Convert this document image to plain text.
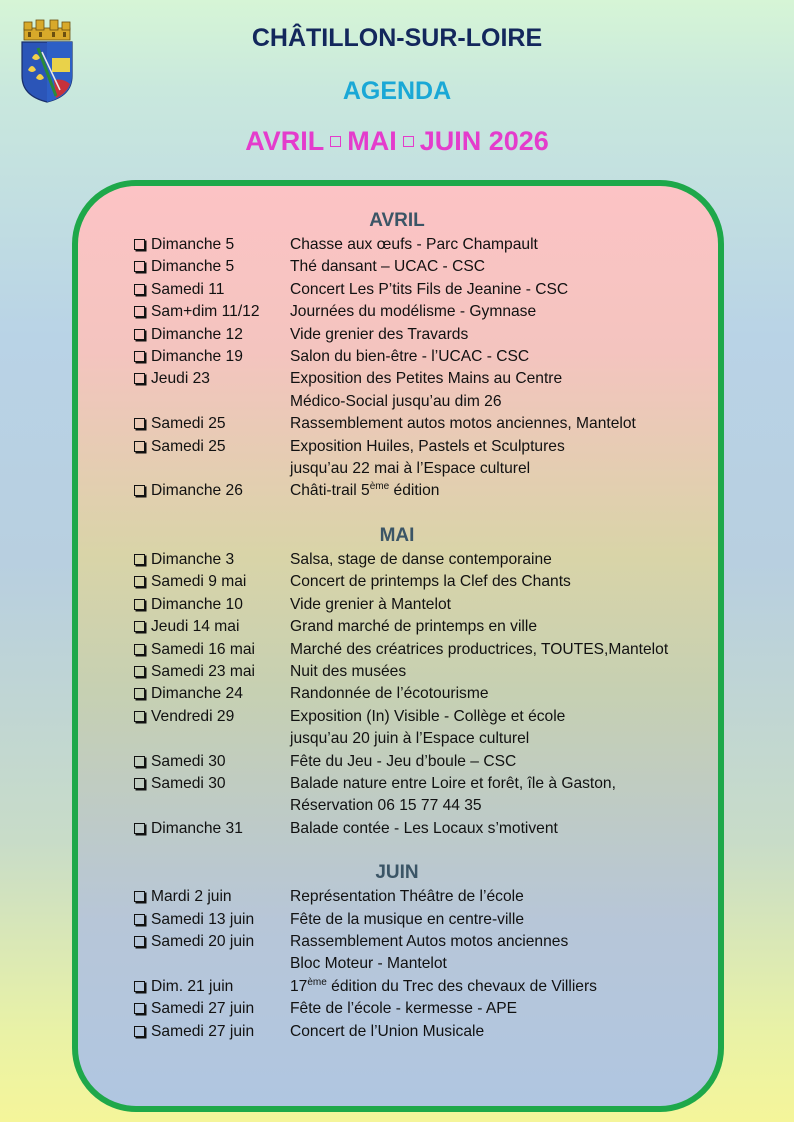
CHÂTILLON-SUR-LOIRE
AGENDA
AVRIL MAI JUIN 2026
AVRIL
Dimanche 5	Chasse aux œufs - Parc Champault
Dimanche 5	Thé dansant – UCAC - CSC
Samedi 11	Concert Les P’tits Fils de Jeanine - CSC
Sam+dim 11/12	Journées du modélisme - Gymnase
Dimanche 12	Vide grenier des Travards
Dimanche 19	Salon du bien-être - l’UCAC - CSC
Jeudi 23	Exposition des Petites Mains au Centre
Médico-Social jusqu’au dim 26
Samedi 25	Rassemblement autos motos anciennes, Mantelot
Samedi 25	Exposition Huiles, Pastels et Sculptures
jusqu’au 22 mai à l’Espace culturel
Dimanche 26	Châti-trail 5ème édition
MAI
Dimanche 3	Salsa, stage de danse contemporaine
Samedi 9 mai	Concert de printemps la Clef des Chants
Dimanche 10	Vide grenier à Mantelot
Jeudi 14 mai	Grand marché de printemps en ville
Samedi 16 mai	Marché des créatrices productrices, TOUTES,Mantelot
Samedi 23 mai	Nuit des musées
Dimanche 24	Randonnée de l’écotourisme
Vendredi 29	Exposition (In) Visible - Collège et école
jusqu’au 20 juin à l’Espace culturel
Samedi 30	Fête du Jeu - Jeu d’boule – CSC
Samedi 30	Balade nature entre Loire et forêt, île à Gaston,
Réservation 06 15 77 44 35
Dimanche 31	Balade contée - Les Locaux s’motivent
JUIN
Mardi 2 juin	Représentation Théâtre de l’école
Samedi 13 juin	Fête de la musique en centre-ville
Samedi 20 juin	Rassemblement Autos motos anciennes
Bloc Moteur - Mantelot
Dim. 21 juin	17ème édition du Trec des chevaux de Villiers
Samedi 27 juin	Fête de l’école - kermesse - APE
Samedi 27 juin	Concert de l’Union Musicale
